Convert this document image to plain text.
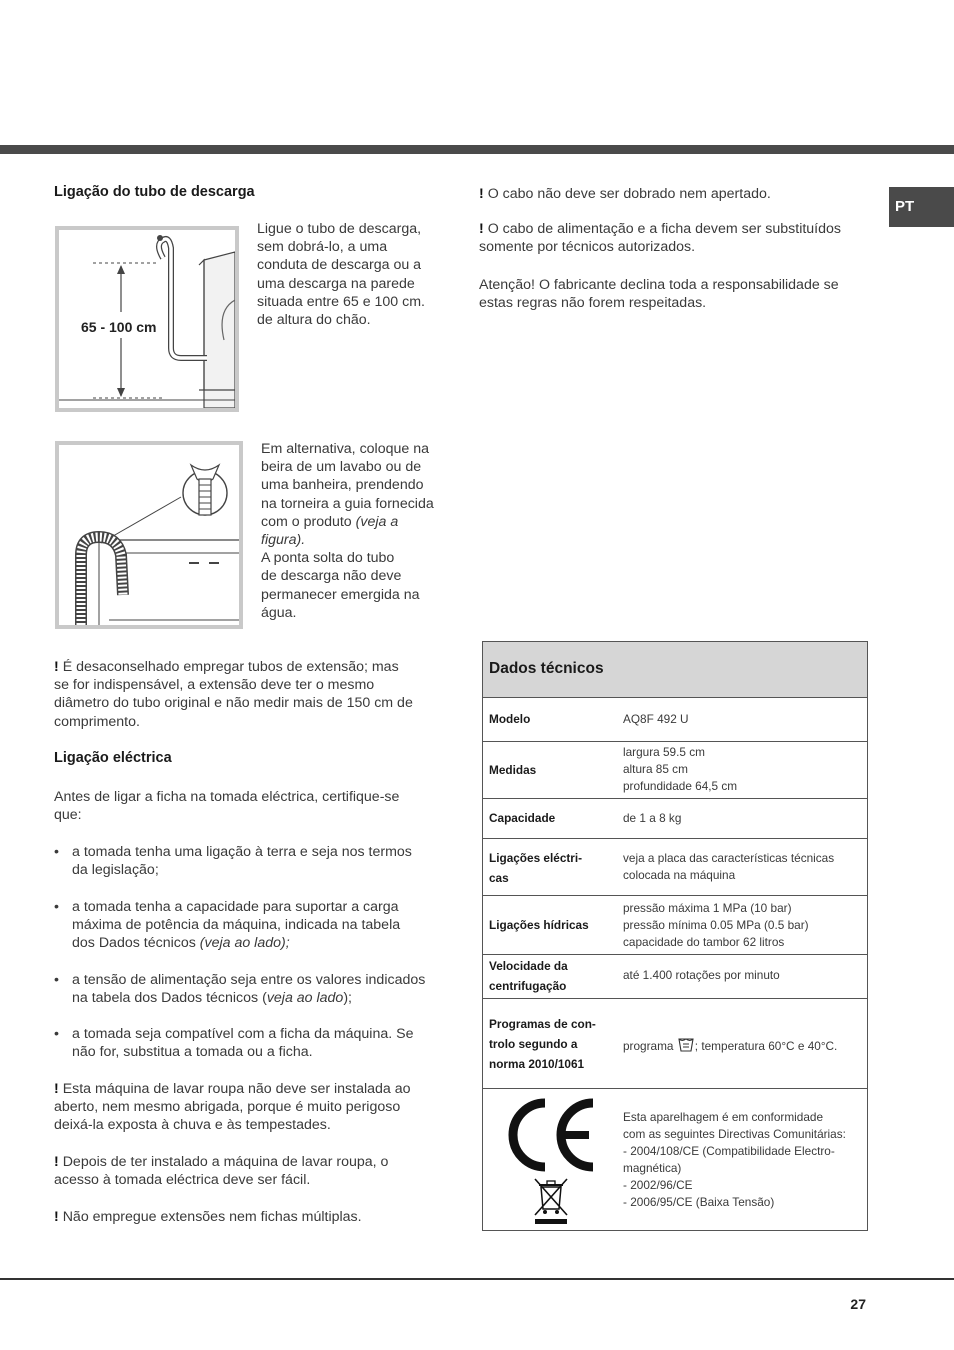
PT
Ligação do tubo de descarga
65 - 100 cm
Ligue o tubo de descarga,
sem dobrá-lo, a uma
conduta de descarga ou a
uma descarga na parede
situada entre 65 e 100 cm.
de altura do chão.
Em alternativa, coloque na
beira de um lavabo ou de
uma banheira, prendendo
na torneira a guia fornecida
com o produto (veja a
figura).
A ponta solta do tubo
de descarga não deve
permanecer emergida na
água.
! É desaconselhado empregar tubos de extensão; mas
se for indispensável, a extensão deve ter o mesmo
diâmetro do tubo original e não medir mais de 150 cm de
comprimento.
Ligação eléctrica
Antes de ligar a ficha na tomada eléctrica, certifique-se
que:
• a tomada tenha uma ligação à terra e seja nos termos
da legislação;
• a tomada tenha a capacidade para suportar a carga
máxima de potência da máquina, indicada na tabela
dos Dados técnicos (veja ao lado);
• a tensão de alimentação seja entre os valores indicados
na tabela dos Dados técnicos (veja ao lado);
• a tomada seja compatível com a ficha da máquina. Se
não for, substitua a tomada ou a ficha.
! Esta máquina de lavar roupa não deve ser instalada ao
aberto, nem mesmo abrigada, porque é muito perigoso
deixá-la exposta à chuva e às tempestades.
! Depois de ter instalado a máquina de lavar roupa, o
acesso à tomada eléctrica deve ser fácil.
! Não empregue extensões nem fichas múltiplas.
! O cabo não deve ser dobrado nem apertado.
! O cabo de alimentação e a ficha devem ser substituídos
somente por técnicos autorizados.
Atenção! O fabricante declina toda a responsabilidade se
estas regras não forem respeitadas.
Dados técnicos
Modelo	AQ8F 492 U
Medidas
largura 59.5 cm
altura 85 cm
profundidade 64,5 cm
Capacidade	de 1 a 8 kg
Ligações eléctri-
cas
veja a placa das características técnicas
colocada na máquina
Ligações hídricas
pressão máxima 1 MPa (10 bar)
pressão mínima 0.05 MPa (0.5 bar)
capacidade do tambor 62 litros
Velocidade da
centrifugação
até 1.400 rotações por minuto
Programas de con-
trolo segundo a
norma 2010/1061
programa ; temperatura 60°C e 40°C.
Esta aparelhagem é em conformidade
com as seguintes Directivas Comunitárias:
- 2004/108/CE (Compatibilidade Electro-
magnética)
- 2002/96/CE
- 2006/95/CE (Baixa Tensão)
27
